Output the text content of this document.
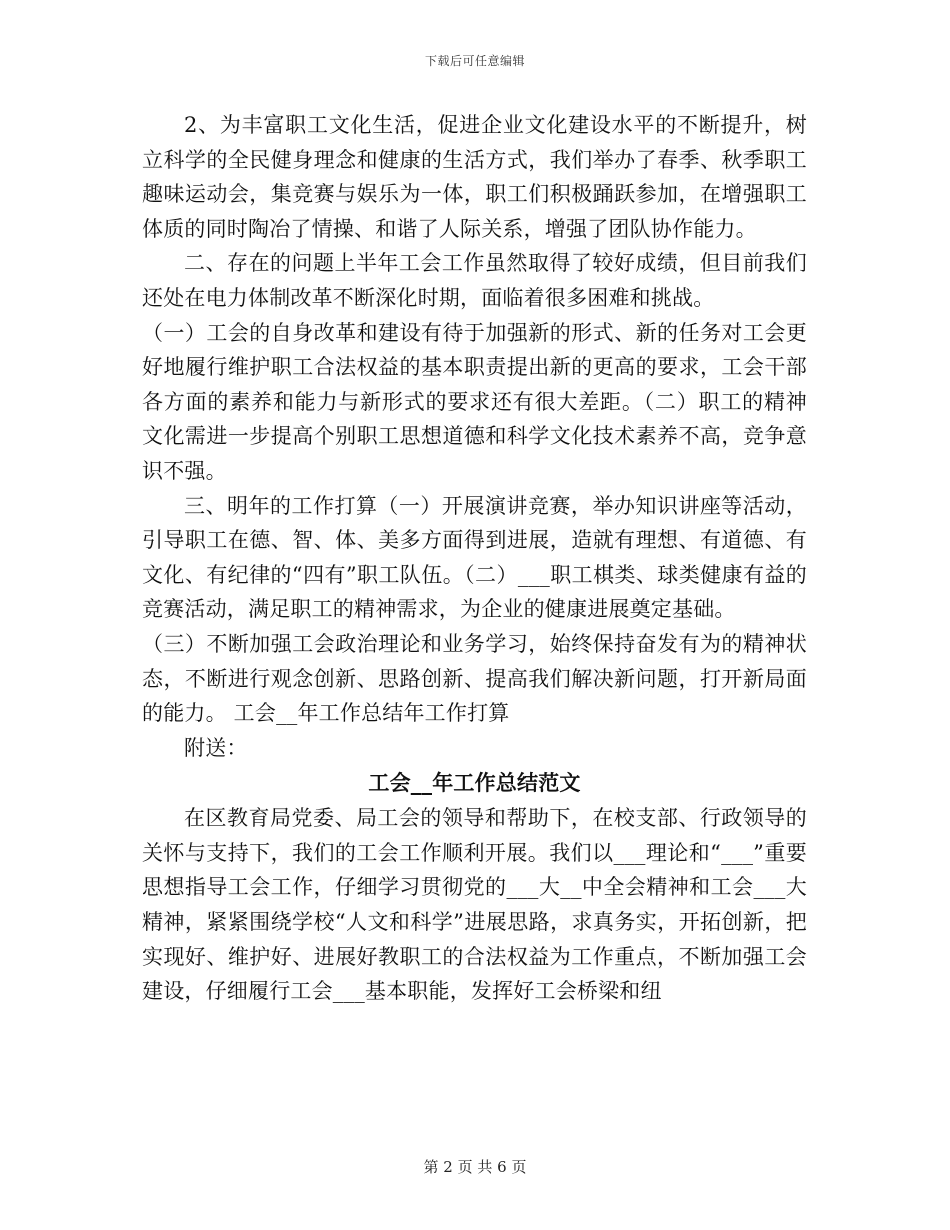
下载后可任意编辑

2、为丰富职工文化生活，促进企业文化建设水平的不断提升，树立科学的全民健身理念和健康的生活方式，我们举办了春季、秋季职工趣味运动会，集竞赛与娱乐为一体，职工们积极踊跃参加，在增强职工体质的同时陶冶了情操、和谐了人际关系，增强了团队协作能力。

二、存在的问题上半年工会工作虽然取得了较好成绩，但目前我们还处在电力体制改革不断深化时期，面临着很多困难和挑战。

（一）工会的自身改革和建设有待于加强新的形式、新的任务对工会更好地履行维护职工合法权益的基本职责提出新的更高的要求，工会干部各方面的素养和能力与新形式的要求还有很大差距。（二）职工的精神文化需进一步提高个别职工思想道德和科学文化技术素养不高，竞争意识不强。

三、明年的工作打算（一）开展演讲竞赛，举办知识讲座等活动，引导职工在德、智、体、美多方面得到进展，造就有理想、有道德、有文化、有纪律的“四有”职工队伍。（二）___职工棋类、球类健康有益的竞赛活动，满足职工的精神需求，为企业的健康进展奠定基础。

（三）不断加强工会政治理论和业务学习，始终保持奋发有为的精神状态，不断进行观念创新、思路创新、提高我们解决新问题，打开新局面的能力。 工会__年工作总结年工作打算

附送：

工会__年工作总结范文

在区教育局党委、局工会的领导和帮助下，在校支部、行政领导的关怀与支持下，我们的工会工作顺利开展。我们以___理论和“___”重要思想指导工会工作，仔细学习贯彻党的___大__中全会精神和工会___大精神，紧紧围绕学校“人文和科学”进展思路，求真务实，开拓创新，把实现好、维护好、进展好教职工的合法权益为工作重点，不断加强工会建设，仔细履行工会___基本职能，发挥好工会桥梁和纽

第 2 页 共 6 页
